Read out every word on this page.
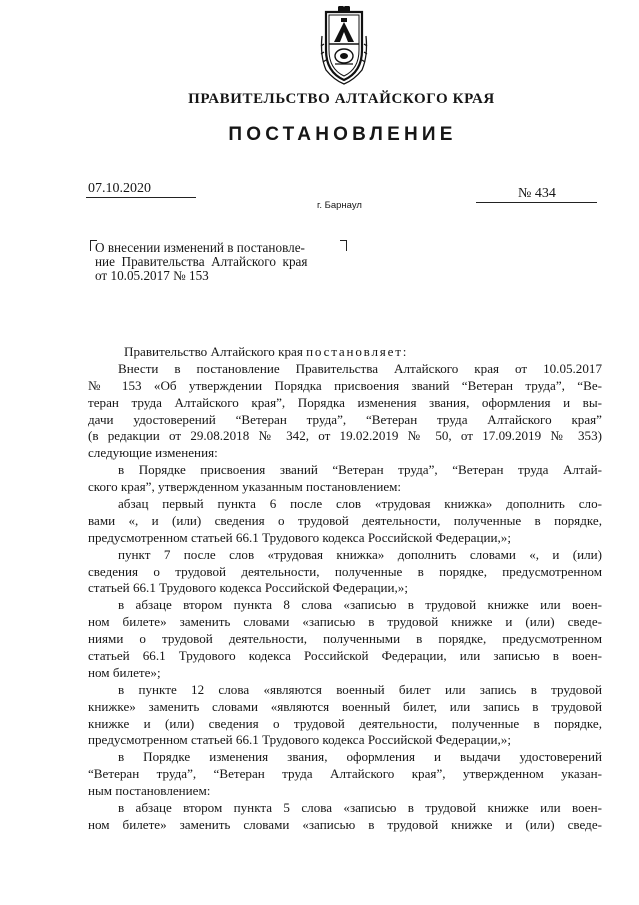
ПРАВИТЕЛЬСТВО АЛТАЙСКОГО КРАЯ
ПОСТАНОВЛЕНИЕ
07.10.2020	№ 434
г. Барнаул
О внесении изменений в постановле-
ние  Правительства  Алтайского  края
от 10.05.2017 № 153
Правительство Алтайского края постановляет:
Внести в постановление Правительства Алтайского края от 10.05.2017
№ 153 «Об утверждении Порядка присвоения званий “Ветеран труда”, “Ве-
теран труда Алтайского края”, Порядка изменения звания, оформления и вы-
дачи удостоверений “Ветеран труда”, “Ветеран труда Алтайского края”
(в редакции от 29.08.2018 № 342, от 19.02.2019 № 50, от 17.09.2019 № 353)
следующие изменения:
в Порядке присвоения званий “Ветеран труда”, “Ветеран труда Алтай-
ского края”, утвержденном указанным постановлением:
абзац первый пункта 6 после слов «трудовая книжка» дополнить сло-
вами «, и (или) сведения о трудовой деятельности, полученные в порядке,
предусмотренном статьей 66.1 Трудового кодекса Российской Федерации,»;
пункт 7 после слов «трудовая книжка» дополнить словами «, и (или)
сведения о трудовой деятельности, полученные в порядке, предусмотренном
статьей 66.1 Трудового кодекса Российской Федерации,»;
в абзаце втором пункта 8 слова «записью в трудовой книжке или воен-
ном билете» заменить словами «записью в трудовой книжке и (или) сведе-
ниями о трудовой деятельности, полученными в порядке, предусмотренном
статьей 66.1 Трудового кодекса Российской Федерации, или записью в воен-
ном билете»;
в пункте 12 слова «являются военный билет или запись в трудовой
книжке» заменить словами «являются военный билет, или запись в трудовой
книжке и (или) сведения о трудовой деятельности, полученные в порядке,
предусмотренном статьей 66.1 Трудового кодекса Российской Федерации,»;
в Порядке изменения звания, оформления и выдачи удостоверений
“Ветеран труда”, “Ветеран труда Алтайского края”, утвержденном указан-
ным постановлением:
в абзаце втором пункта 5 слова «записью в трудовой книжке или воен-
ном билете» заменить словами «записью в трудовой книжке и (или) сведе-
